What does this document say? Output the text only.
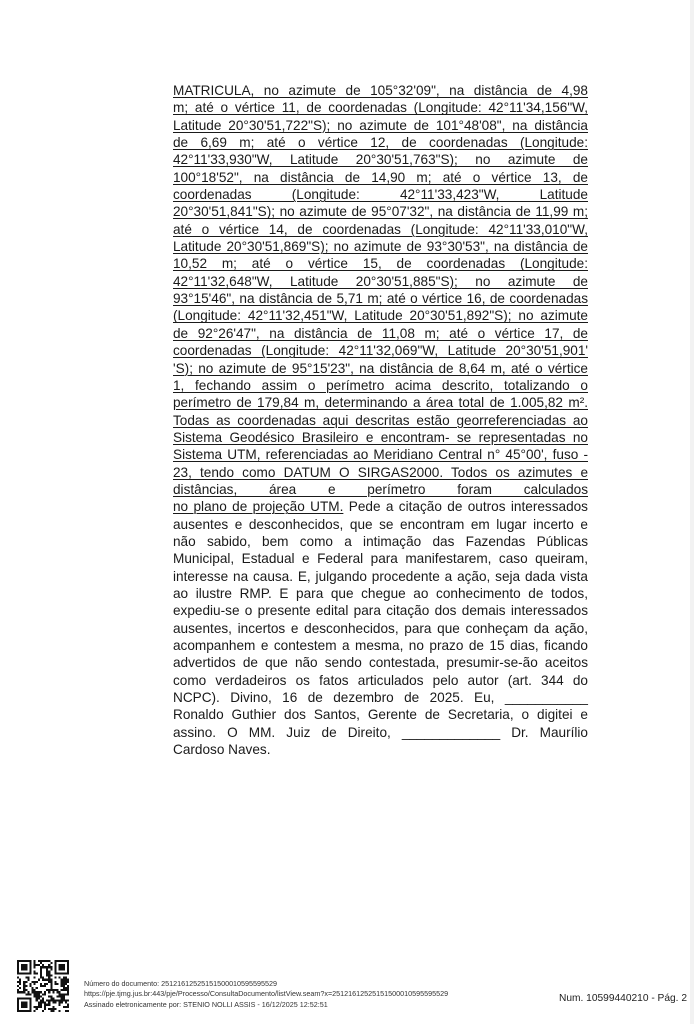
MATRICULA, no azimute de 105°32'09", na distância de 4,98
m; até o vértice 11, de coordenadas (Longitude: 42°11'34,156"W,
Latitude 20°30'51,722"S); no azimute de 101°48'08", na distância
de 6,69 m; até o vértice 12, de coordenadas (Longitude:
42°11'33,930"W, Latitude 20°30'51,763"S); no azimute de
100°18'52", na distância de 14,90 m; até o vértice 13, de
coordenadas (Longitude: 42°11'33,423"W, Latitude
20°30'51,841"S); no azimute de 95°07'32", na distância de 11,99 m;
até o vértice 14, de coordenadas (Longitude: 42°11'33,010"W,
Latitude 20°30'51,869"S); no azimute de 93°30'53", na distância de
10,52 m; até o vértice 15, de coordenadas (Longitude:
42°11'32,648"W, Latitude 20°30'51,885"S); no azimute de
93°15'46", na distância de 5,71 m; até o vértice 16, de coordenadas
(Longitude: 42°11'32,451"W, Latitude 20°30'51,892"S); no azimute
de 92°26'47", na distância de 11,08 m; até o vértice 17, de
coordenadas (Longitude: 42°11'32,069"W, Latitude 20°30'51,901'
'S); no azimute de 95°15'23", na distância de 8,64 m, até o vértice
1, fechando assim o perímetro acima descrito, totalizando o
perímetro de 179,84 m, determinando a área total de 1.005,82 m².
Todas as coordenadas aqui descritas estão georreferenciadas ao
Sistema Geodésico Brasileiro e encontram- se representadas no
Sistema UTM, referenciadas ao Meridiano Central n° 45°00', fuso -
23, tendo como DATUM O SIRGAS2000. Todos os azimutes e
distâncias, área e perímetro foram calculados
no plano de projeção UTM. Pede a citação de outros interessados
ausentes e desconhecidos, que se encontram em lugar incerto e
não sabido, bem como a intimação das Fazendas Públicas
Municipal, Estadual e Federal para manifestarem, caso queiram,
interesse na causa. E, julgando procedente a ação, seja dada vista
ao ilustre RMP. E para que chegue ao conhecimento de todos,
expediu-se o presente edital para citação dos demais interessados
ausentes, incertos e desconhecidos, para que conheçam da ação,
acompanhem e contestem a mesma, no prazo de 15 dias, ficando
advertidos de que não sendo contestada, presumir-se-ão aceitos
como verdadeiros os fatos articulados pelo autor (art. 344 do
NCPC). Divino, 16 de dezembro de 2025. Eu, ___________
Ronaldo Guthier dos Santos, Gerente de Secretaria, o digitei e
assino. O MM. Juiz de Direito, _____________ Dr. Maurílio
Cardoso Naves.
Número do documento: 25121612525151500010595595529
https://pje.tjmg.jus.br:443/pje/Processo/ConsultaDocumento/listView.seam?x=25121612525151500010595595529
Assinado eletronicamente por: STENIO NOLLI ASSIS - 16/12/2025 12:52:51
Num. 10599440210 - Pág. 2
